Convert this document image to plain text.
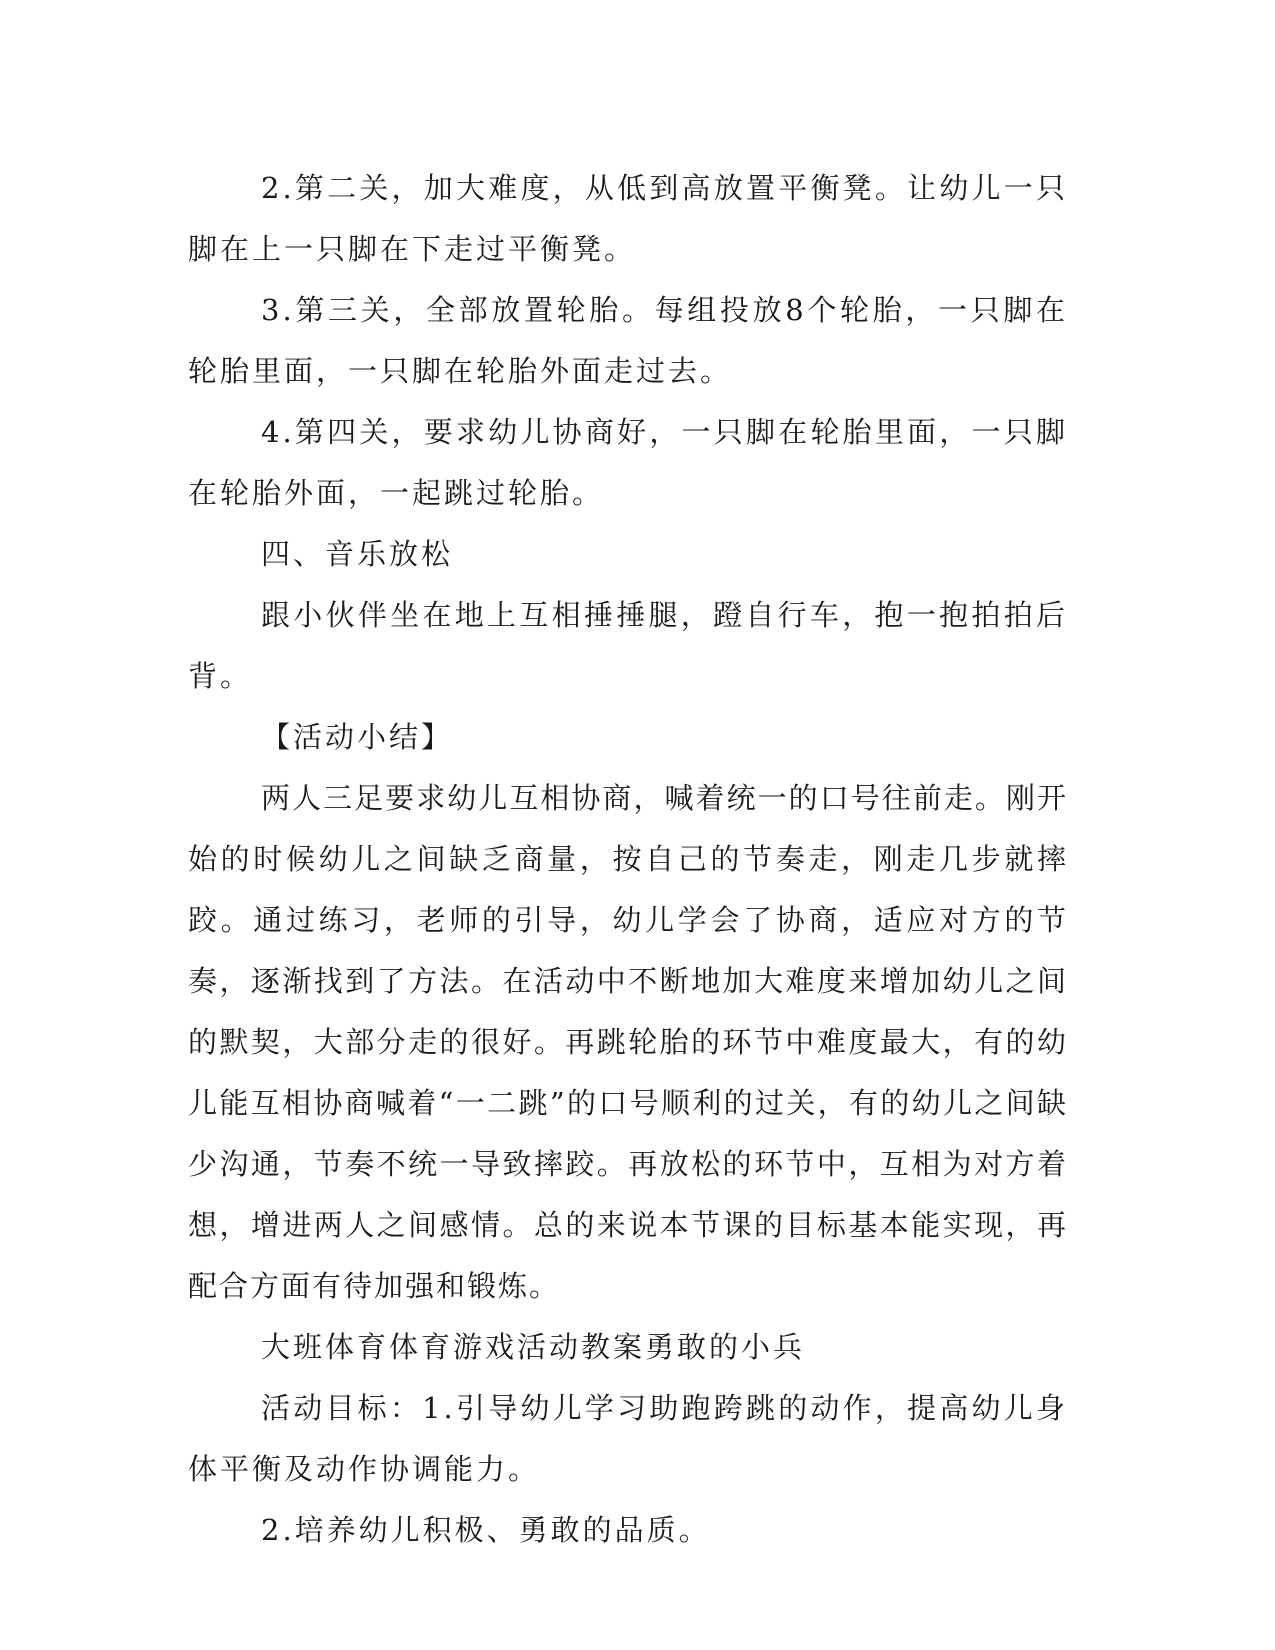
2.第二关，加大难度，从低到高放置平衡凳。让幼儿一只脚在上一只脚在下走过平衡凳。

3.第三关，全部放置轮胎。每组投放8个轮胎，一只脚在轮胎里面，一只脚在轮胎外面走过去。

4.第四关，要求幼儿协商好，一只脚在轮胎里面，一只脚在轮胎外面，一起跳过轮胎。

四、音乐放松

跟小伙伴坐在地上互相捶捶腿，蹬自行车，抱一抱拍拍后背。

【活动小结】

两人三足要求幼儿互相协商，喊着统一的口号往前走。刚开始的时候幼儿之间缺乏商量，按自己的节奏走，刚走几步就摔跤。通过练习，老师的引导，幼儿学会了协商，适应对方的节奏，逐渐找到了方法。在活动中不断地加大难度来增加幼儿之间的默契，大部分走的很好。再跳轮胎的环节中难度最大，有的幼儿能互相协商喊着“一二跳”的口号顺利的过关，有的幼儿之间缺少沟通，节奏不统一导致摔跤。再放松的环节中，互相为对方着想，增进两人之间感情。总的来说本节课的目标基本能实现，再配合方面有待加强和锻炼。

大班体育体育游戏活动教案勇敢的小兵

活动目标：1.引导幼儿学习助跑跨跳的动作，提高幼儿身体平衡及动作协调能力。

2.培养幼儿积极、勇敢的品质。
